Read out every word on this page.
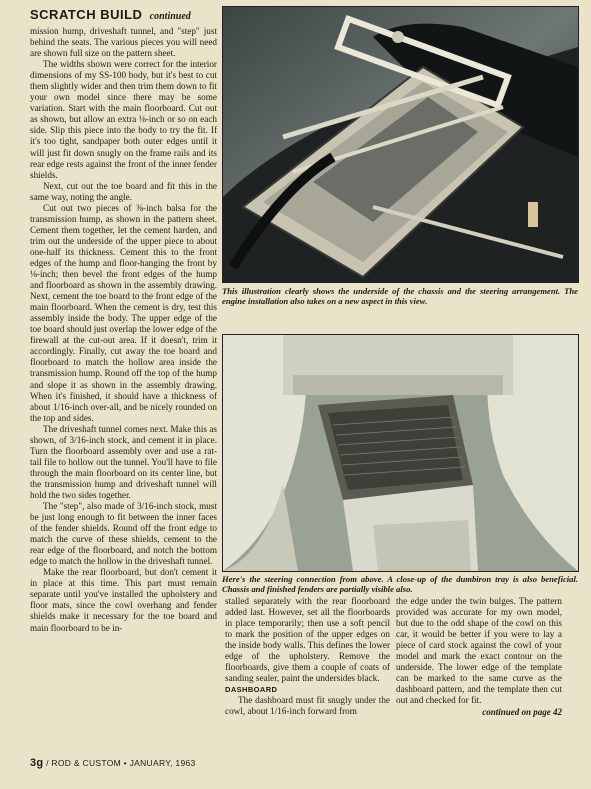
SCRATCH BUILD continued

mission hump, driveshaft tunnel, and "step" just behind the seats. The various pieces you will need are shown full size on the pattern sheet.

The widths shown were correct for the interior dimensions of my SS-100 body, but it's best to cut them slightly wider and then trim them down to fit your own model since there may be some variation. Start with the main floorboard. Cut out as shown, but allow an extra ⅛-inch or so on each side. Slip this piece into the body to try the fit. If it's too tight, sandpaper both outer edges until it will just fit down snugly on the frame rails and its rear edge rests against the front of the inner fender shields.

Next, cut out the toe board and fit this in the same way, noting the angle.

Cut out two pieces of ⅜-inch balsa for the transmission hump, as shown in the pattern sheet. Cement them together, let the cement harden, and trim out the underside of the upper piece to about one-half its thickness. Cement this to the front edges of the hump and floor-hanging the front by ⅛-inch; then bevel the front edges of the hump and floorboard as shown in the assembly drawing. Next, cement the toe board to the front edge of the main floorboard. When the cement is dry, test this assembly inside the body. The upper edge of the toe board should just overlap the lower edge of the firewall at the cut-out area. If it doesn't, trim it accordingly. Finally, cut away the toe board and floorboard to match the hollow area inside the transmission hump. Round off the top of the hump and slope it as shown in the assembly drawing. When it's finished, it should have a thickness of about 1/16-inch over-all, and be nicely rounded on the top and sides.

The driveshaft tunnel comes next. Make this as shown, of 3/16-inch stock, and cement it in place. Turn the floorboard assembly over and use a rat-tail file to hollow out the tunnel. You'll have to file through the main floorboard on its center line, but the transmission hump and driveshaft tunnel will hold the two sides together.

The "step", also made of 3/16-inch stock, must be just long enough to fit between the inner faces of the fender shields. Round off the front edge to match the curve of these shields, cement to the rear edge of the floorboard, and notch the bottom edge to match the hollow in the driveshaft tunnel.

Make the rear floorboard, but don't cement it in place at this time. This part must remain separate until you've installed the upholstery and floor mats, since the cowl overhang and fender shields make it necessary for the toe board and main floorboard to be in-

This illustration clearly shows the underside of the chassis and the steering arrangement. The engine installation also takes on a new aspect in this view.
Here's the steering connection from above. A close-up of the dumbiron tray is also beneficial. Chassis and finished fenders are partially visible also.

stalled separately with the rear floorboard added last. However, set all the floorboards in place temporarily; then use a soft pencil to mark the position of the upper edges on the inside body walls. This defines the lower edge of the upholstery. Remove the floorboards, give them a couple of coats of sanding sealer, paint the undersides black.

DASHBOARD

The dashboard must fit snugly under the cowl, about 1/16-inch forward from

the edge under the twin bulges. The pattern provided was accurate for my own model, but due to the odd shape of the cowl on this car, it would be better if you were to lay a piece of card stock against the cowl of your model and mark the exact contour on the underside. The lower edge of the template can be marked to the same curve as the dashboard pattern, and the template then cut out and checked for fit.

continued on page 42
3g / ROD & CUSTOM • JANUARY, 1963
